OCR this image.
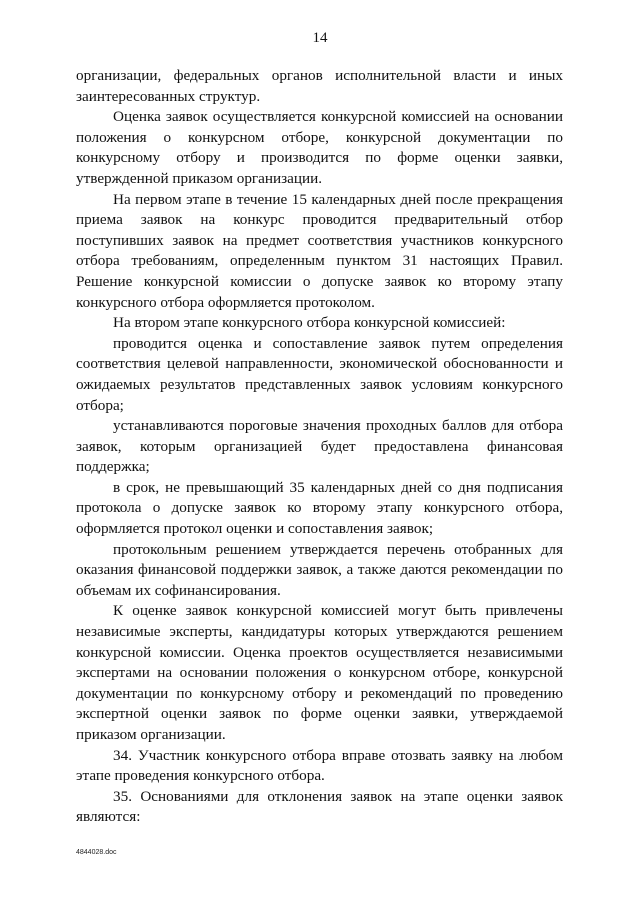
14

организации, федеральных органов исполнительной власти и иных заинтересованных структур.

Оценка заявок осуществляется конкурсной комиссией на основании положения о конкурсном отборе, конкурсной документации по конкурсному отбору и производится по форме оценки заявки, утвержденной приказом организации.

На первом этапе в течение 15 календарных дней после прекращения приема заявок на конкурс проводится предварительный отбор поступивших заявок на предмет соответствия участников конкурсного отбора требованиям, определенным пунктом 31 настоящих Правил. Решение конкурсной комиссии о допуске заявок ко второму этапу конкурсного отбора оформляется протоколом.

На втором этапе конкурсного отбора конкурсной комиссией:

проводится оценка и сопоставление заявок путем определения соответствия целевой направленности, экономической обоснованности и ожидаемых результатов представленных заявок условиям конкурсного отбора;

устанавливаются пороговые значения проходных баллов для отбора заявок, которым организацией будет предоставлена финансовая поддержка;

в срок, не превышающий 35 календарных дней со дня подписания протокола о допуске заявок ко второму этапу конкурсного отбора, оформляется протокол оценки и сопоставления заявок;

протокольным решением утверждается перечень отобранных для оказания финансовой поддержки заявок, а также даются рекомендации по объемам их софинансирования.

К оценке заявок конкурсной комиссией могут быть привлечены независимые эксперты, кандидатуры которых утверждаются решением конкурсной комиссии. Оценка проектов осуществляется независимыми экспертами на основании положения о конкурсном отборе, конкурсной документации по конкурсному отбору и рекомендаций по проведению экспертной оценки заявок по форме оценки заявки, утверждаемой приказом организации.

34. Участник конкурсного отбора вправе отозвать заявку на любом этапе проведения конкурсного отбора.

35. Основаниями для отклонения заявок на этапе оценки заявок являются:

4844028.doc
